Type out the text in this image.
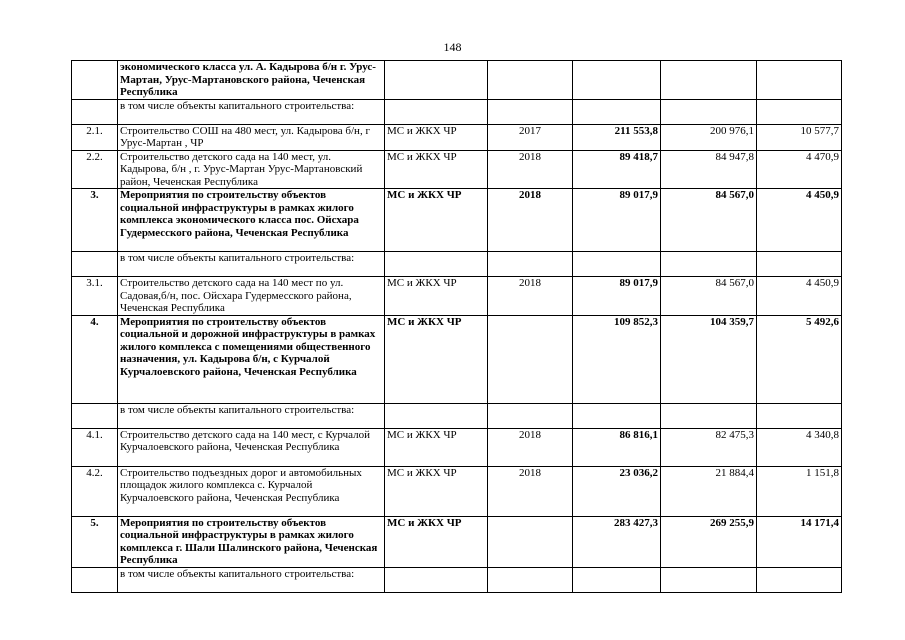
148
	экономического класса ул. А. Кадырова б/н г. Урус-Мартан, Урус-Мартановского района, Чеченская Республика					
	в том числе объекты капитального строительства:					
2.1.	Строительство СОШ на 480 мест, ул. Кадырова б/н, г Урус-Мартан , ЧР	МС и ЖКХ ЧР	2017	211 553,8	200 976,1	10 577,7
2.2.	Строительство детского сада на 140 мест, ул. Кадырова, б/н , г. Урус-Мартан Урус-Мартановский район, Чеченская Республика	МС и ЖКХ ЧР	2018	89 418,7	84 947,8	4 470,9
3.	Мероприятия по строительству объектов социальной инфраструктуры в рамках жилого комплекса экономического класса пос. Ойсхара Гудермесского района, Чеченская Республика	МС и ЖКХ ЧР	2018	89 017,9	84 567,0	4 450,9
	в том числе объекты капитального строительства:					
3.1.	Строительство детского сада на 140 мест по ул. Садовая,б/н, пос. Ойсхара Гудермесского района, Чеченская Республика	МС и ЖКХ ЧР	2018	89 017,9	84 567,0	4 450,9
4.	Мероприятия по строительству объектов социальной и дорожной инфраструктуры в рамках жилого комплекса с помещениями общественного назначения, ул. Кадырова б/н, с Курчалой Курчалоевского района, Чеченская Республика	МС и ЖКХ ЧР		109 852,3	104 359,7	5 492,6
	в том числе объекты капитального строительства:					
4.1.	Строительство детского сада на 140 мест, с Курчалой Курчалоевского района, Чеченская Республика	МС и ЖКХ ЧР	2018	86 816,1	82 475,3	4 340,8
4.2.	Строительство подъездных дорог и автомобильных площадок жилого комплекса с. Курчалой Курчалоевского района, Чеченская Республика	МС и ЖКХ ЧР	2018	23 036,2	21 884,4	1 151,8
5.	Мероприятия по строительству объектов социальной инфраструктуры в рамках жилого комплекса г. Шали Шалинского района, Чеченская Республика	МС и ЖКХ ЧР		283 427,3	269 255,9	14 171,4
	в том числе объекты капитального строительства:					
